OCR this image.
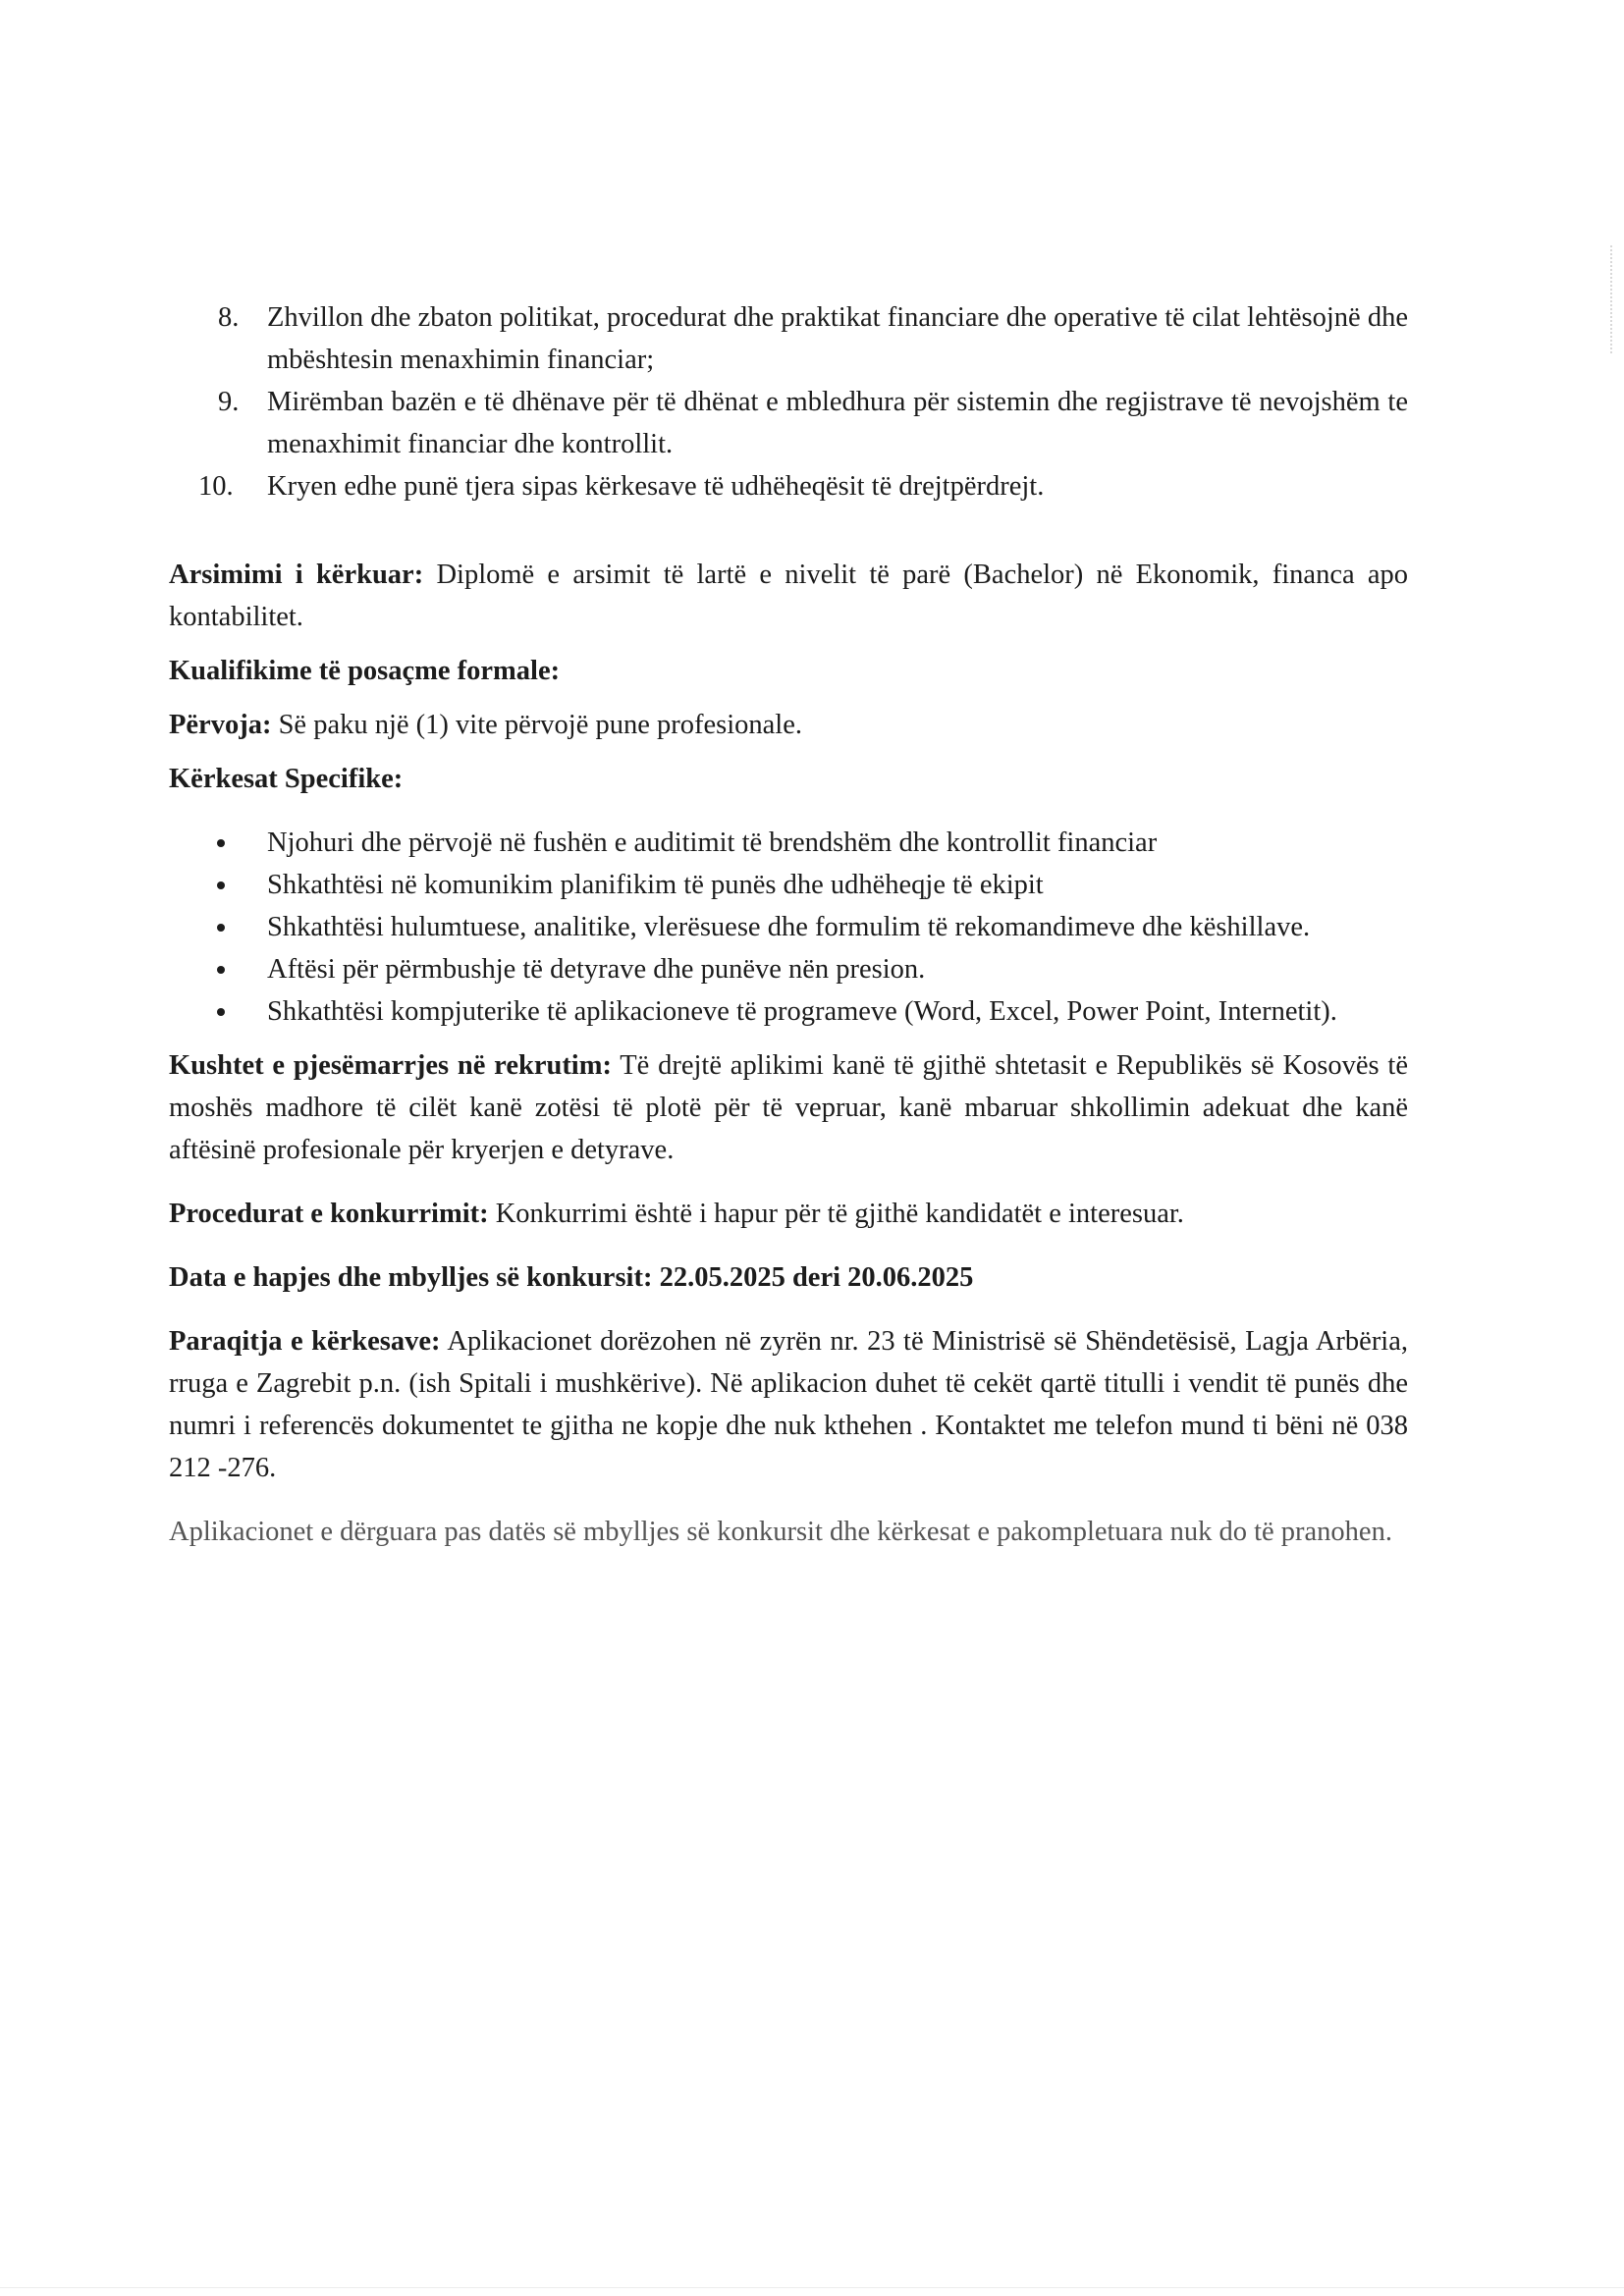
8. Zhvillon dhe zbaton politikat, procedurat dhe praktikat financiare dhe operative të cilat lehtësojnë dhe mbështesin menaxhimin financiar;
9. Mirëmban bazën e të dhënave për të dhënat e mbledhura për sistemin dhe regjistrave të nevojshëm te menaxhimit financiar dhe kontrollit.
10. Kryen edhe punë tjera sipas kërkesave të udhëheqësit të drejtpërdrejt.

Arsimimi i kërkuar: Diplomë e arsimit të lartë e nivelit të parë (Bachelor) në Ekonomik, financa apo kontabilitet.

Kualifikime të posaçme formale:

Përvoja: Së paku një (1) vite përvojë pune profesionale.

Kërkesat Specifike:

Njohuri dhe përvojë në fushën e auditimit të brendshëm dhe kontrollit financiar
Shkathtësi në komunikim planifikim të punës dhe udhëheqje të ekipit
Shkathtësi hulumtuese, analitike, vlerësuese dhe formulim të rekomandimeve dhe këshillave.
Aftësi për përmbushje të detyrave dhe punëve nën presion.
Shkathtësi kompjuterike të aplikacioneve të programeve (Word, Excel, Power Point, Internetit).

Kushtet e pjesëmarrjes në rekrutim: Të drejtë aplikimi kanë të gjithë shtetasit e Republikës së Kosovës të moshës madhore të cilët kanë zotësi të plotë për të vepruar, kanë mbaruar shkollimin adekuat dhe kanë aftësinë profesionale për kryerjen e detyrave.

Procedurat e konkurrimit: Konkurrimi është i hapur për të gjithë kandidatët e interesuar.

Data e hapjes dhe mbylljes së konkursit: 22.05.2025 deri 20.06.2025

Paraqitja e kërkesave: Aplikacionet dorëzohen në zyrën nr. 23 të Ministrisë së Shëndetësisë, Lagja Arbëria, rruga e Zagrebit p.n. (ish Spitali i mushkërive). Në aplikacion duhet të cekët qartë titulli i vendit të punës dhe numri i referencës dokumentet te gjitha ne kopje dhe nuk kthehen . Kontaktet me telefon mund ti bëni në 038 212 -276.

Aplikacionet e dërguara pas datës së mbylljes së konkursit dhe kërkesat e pakompletuara nuk do të pranohen.
